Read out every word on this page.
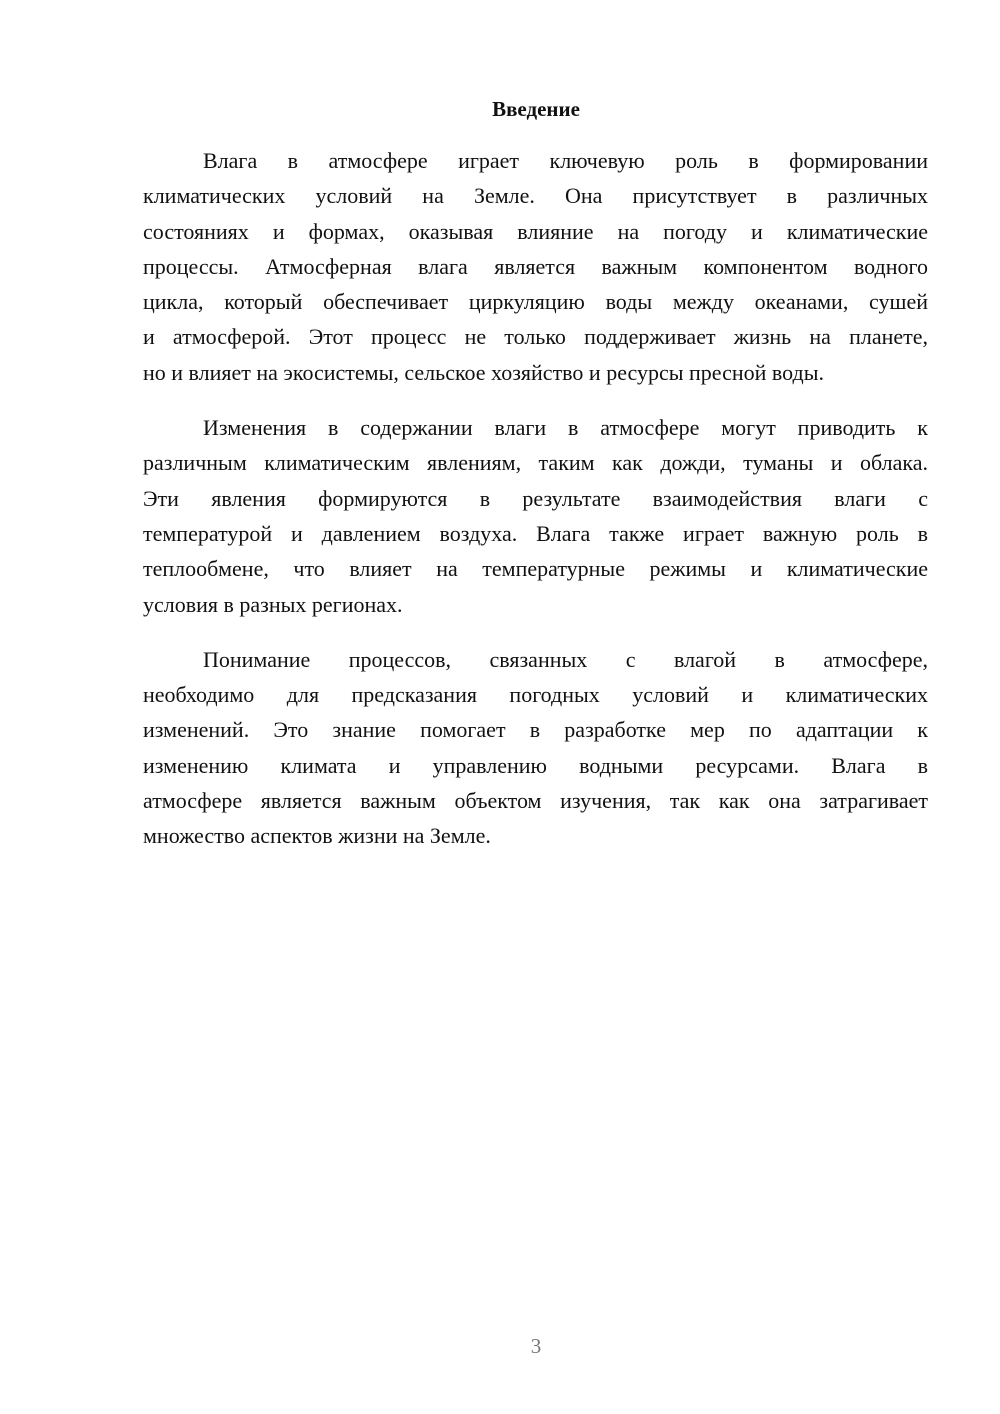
Введение
Влага в атмосфере играет ключевую роль в формировании
климатических условий на Земле. Она присутствует в различных
состояниях и формах, оказывая влияние на погоду и климатические
процессы. Атмосферная влага является важным компонентом водного
цикла, который обеспечивает циркуляцию воды между океанами, сушей
и атмосферой. Этот процесс не только поддерживает жизнь на планете,
но и влияет на экосистемы, сельское хозяйство и ресурсы пресной воды.
Изменения в содержании влаги в атмосфере могут приводить к
различным климатическим явлениям, таким как дожди, туманы и облака.
Эти явления формируются в результате взаимодействия влаги с
температурой и давлением воздуха. Влага также играет важную роль в
теплообмене, что влияет на температурные режимы и климатические
условия в разных регионах.
Понимание процессов, связанных с влагой в атмосфере,
необходимо для предсказания погодных условий и климатических
изменений. Это знание помогает в разработке мер по адаптации к
изменению климата и управлению водными ресурсами. Влага в
атмосфере является важным объектом изучения, так как она затрагивает
множество аспектов жизни на Земле.
3
